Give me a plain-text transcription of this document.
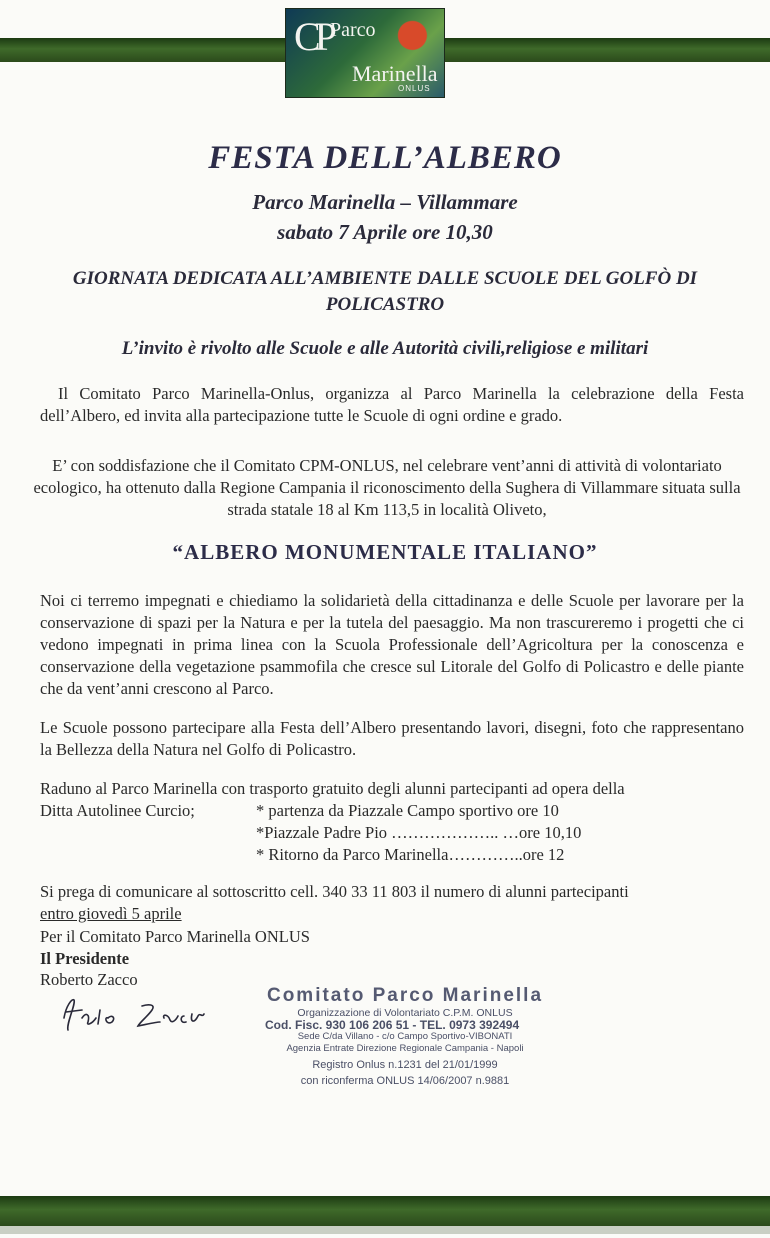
CP Parco
Marinella
ONLUS
FESTA DELL’ALBERO
Parco Marinella – Villammare
sabato 7 Aprile ore 10,30
GIORNATA DEDICATA ALL’AMBIENTE DALLE SCUOLE DEL GOLFÒ DI POLICASTRO
L’invito è rivolto alle Scuole e alle Autorità civili,religiose e militari
Il Comitato Parco Marinella-Onlus, organizza al Parco Marinella la celebrazione della Festa dell’Albero, ed invita alla partecipazione tutte le Scuole di ogni ordine e grado.
E’ con soddisfazione che il Comitato CPM-ONLUS, nel celebrare vent’anni di attività di volontariato ecologico, ha ottenuto dalla Regione Campania il riconoscimento della Sughera di Villammare situata sulla strada statale 18 al Km 113,5 in località Oliveto,
“ALBERO MONUMENTALE ITALIANO”
Noi ci terremo impegnati e chiediamo la solidarietà della cittadinanza e delle Scuole per lavorare per la conservazione di spazi per la Natura e per la tutela del paesaggio. Ma non trascureremo i progetti che ci vedono impegnati in prima linea con la Scuola Professionale dell’Agricoltura per la conoscenza e conservazione della vegetazione psammofila che cresce sul Litorale del Golfo di Policastro e delle piante che da vent’anni crescono al Parco.
Le Scuole possono partecipare alla Festa dell’Albero presentando lavori, disegni, foto che rappresentano la Bellezza della Natura nel Golfo di Policastro.
Raduno al Parco Marinella con trasporto gratuito degli alunni partecipanti ad opera della
Ditta Autolinee Curcio;	* partenza da Piazzale Campo sportivo ore 10
*Piazzale Padre Pio ……………….. …ore 10,10
* Ritorno da Parco Marinella…………..ore 12
Si prega di comunicare al sottoscritto cell. 340 33 11 803 il numero di alunni partecipanti
entro giovedì 5 aprile
Per il Comitato Parco Marinella ONLUS
Il Presidente
Roberto Zacco
Comitato Parco Marinella
Organizzazione di Volontariato C.P.M. ONLUS
Cod. Fisc. 930 106 206 51 - TEL. 0973 392494
Sede C/da Villano - c/o Campo Sportivo-VIBONATI
Agenzia Entrate Direzione Regionale Campania - Napoli
Registro Onlus n.1231 del 21/01/1999
con riconferma ONLUS 14/06/2007 n.9881
